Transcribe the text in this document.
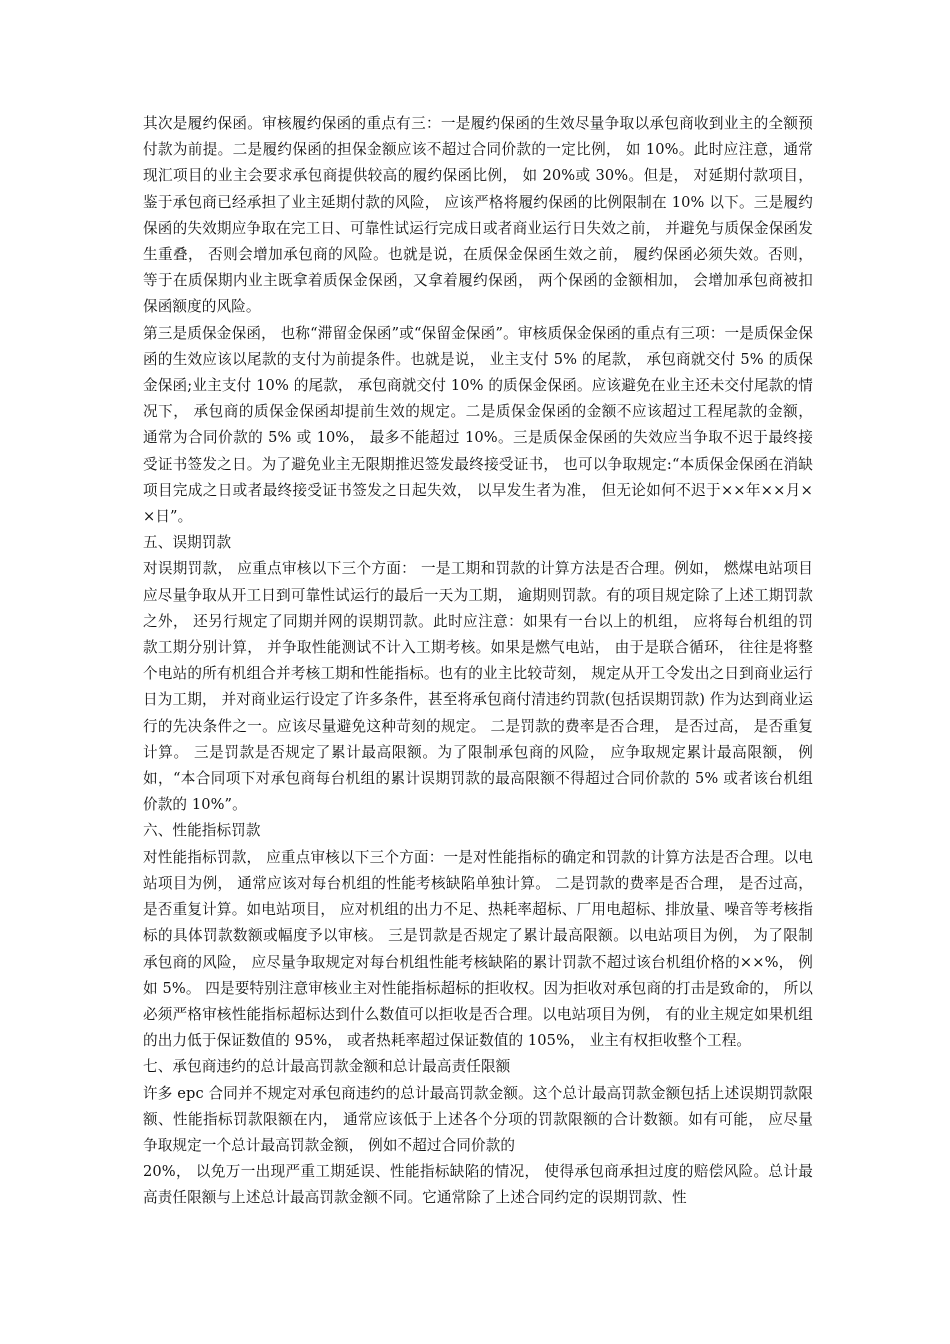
其次是履约保函。审核履约保函的重点有三：一是履约保函的生效尽量争取以承包商收到业主的全额预付款为前提。二是履约保函的担保金额应该不超过合同价款的一定比例， 如 10%。此时应注意，通常现汇项目的业主会要求承包商提供较高的履约保函比例， 如 20%或 30%。但是， 对延期付款项目， 鉴于承包商已经承担了业主延期付款的风险， 应该严格将履约保函的比例限制在 10% 以下。三是履约保函的失效期应争取在完工日、可靠性试运行完成日或者商业运行日失效之前， 并避免与质保金保函发生重叠， 否则会增加承包商的风险。也就是说，在质保金保函生效之前， 履约保函必须失效。否则， 等于在质保期内业主既拿着质保金保函，又拿着履约保函， 两个保函的金额相加， 会增加承包商被扣保函额度的风险。

第三是质保金保函， 也称“滞留金保函”或“保留金保函”。审核质保金保函的重点有三项：一是质保金保函的生效应该以尾款的支付为前提条件。也就是说， 业主支付 5% 的尾款， 承包商就交付 5% 的质保金保函;业主支付 10% 的尾款， 承包商就交付 10% 的质保金保函。应该避免在业主还未交付尾款的情况下， 承包商的质保金保函却提前生效的规定。二是质保金保函的金额不应该超过工程尾款的金额， 通常为合同价款的 5% 或 10%， 最多不能超过 10%。三是质保金保函的失效应当争取不迟于最终接受证书签发之日。为了避免业主无限期推迟签发最终接受证书， 也可以争取规定:“本质保金保函在消缺项目完成之日或者最终接受证书签发之日起失效， 以早发生者为准， 但无论如何不迟于××年××月××日”。

五、误期罚款

对误期罚款， 应重点审核以下三个方面： 一是工期和罚款的计算方法是否合理。例如， 燃煤电站项目应尽量争取从开工日到可靠性试运行的最后一天为工期， 逾期则罚款。有的项目规定除了上述工期罚款之外， 还另行规定了同期并网的误期罚款。此时应注意：如果有一台以上的机组， 应将每台机组的罚款工期分别计算， 并争取性能测试不计入工期考核。如果是燃气电站， 由于是联合循环， 往往是将整个电站的所有机组合并考核工期和性能指标。也有的业主比较苛刻， 规定从开工令发出之日到商业运行日为工期， 并对商业运行设定了许多条件，甚至将承包商付清违约罚款(包括误期罚款) 作为达到商业运行的先决条件之一。应该尽量避免这种苛刻的规定。 二是罚款的费率是否合理， 是否过高， 是否重复计算。 三是罚款是否规定了累计最高限额。为了限制承包商的风险， 应争取规定累计最高限额， 例如，“本合同项下对承包商每台机组的累计误期罚款的最高限额不得超过合同价款的 5% 或者该台机组价款的 10%”。

六、性能指标罚款

对性能指标罚款， 应重点审核以下三个方面：一是对性能指标的确定和罚款的计算方法是否合理。以电站项目为例， 通常应该对每台机组的性能考核缺陷单独计算。 二是罚款的费率是否合理， 是否过高， 是否重复计算。如电站项目， 应对机组的出力不足、热耗率超标、厂用电超标、排放量、噪音等考核指标的具体罚款数额或幅度予以审核。 三是罚款是否规定了累计最高限额。以电站项目为例， 为了限制承包商的风险， 应尽量争取规定对每台机组性能考核缺陷的累计罚款不超过该台机组价格的××%， 例如 5%。 四是要特别注意审核业主对性能指标超标的拒收权。因为拒收对承包商的打击是致命的， 所以必须严格审核性能指标超标达到什么数值可以拒收是否合理。以电站项目为例， 有的业主规定如果机组的出力低于保证数值的 95%， 或者热耗率超过保证数值的 105%， 业主有权拒收整个工程。

七、承包商违约的总计最高罚款金额和总计最高责任限额

许多 epc 合同并不规定对承包商违约的总计最高罚款金额。这个总计最高罚款金额包括上述误期罚款限额、性能指标罚款限额在内， 通常应该低于上述各个分项的罚款限额的合计数额。如有可能， 应尽量争取规定一个总计最高罚款金额， 例如不超过合同价款的

20%， 以免万一出现严重工期延误、性能指标缺陷的情况， 使得承包商承担过度的赔偿风险。总计最高责任限额与上述总计最高罚款金额不同。它通常除了上述合同约定的误期罚款、性
